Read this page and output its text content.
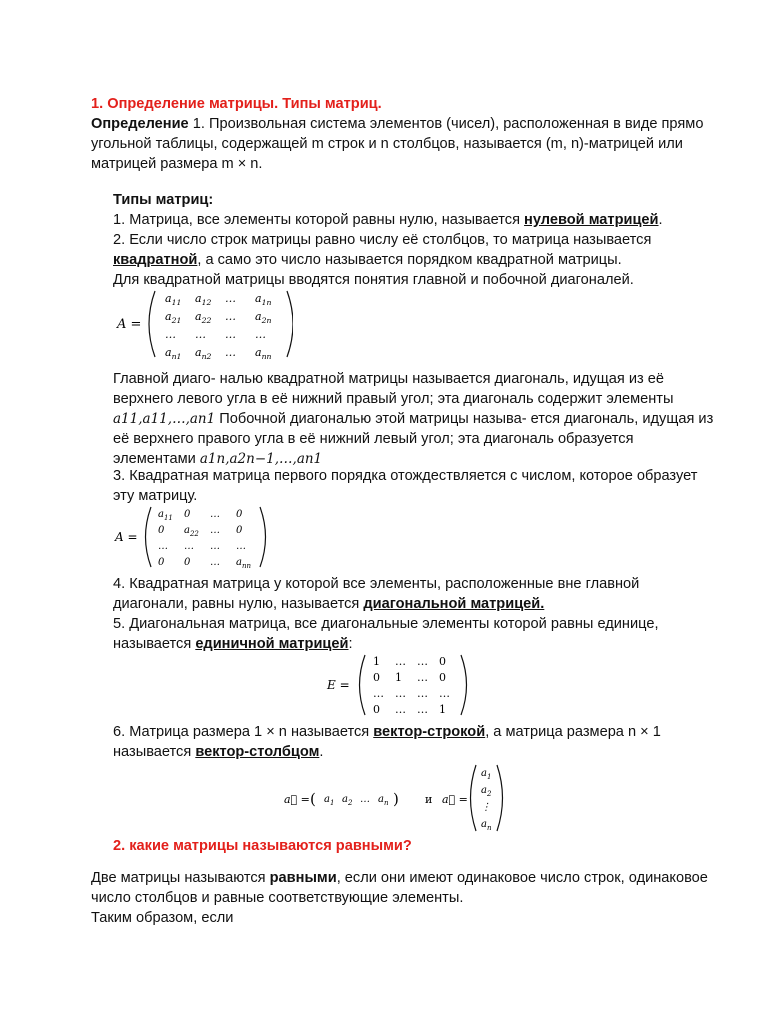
1. Определение матрицы. Типы матриц.
Определение 1. Произвольная система элементов (чисел), расположенная в виде прямо
угольной таблицы, содержащей m строк и n столбцов, называется (m, n)-матрицей или
матрицей размера m × n.
Типы матриц:
1. Матрица, все элементы которой равны нулю, называется нулевой матрицей.
2. Если число строк матрицы равно числу её столбцов, то матрица называется
квадратной, а само это число называется порядком квадратной матрицы.
Для квадратной матрицы вводятся понятия главной и побочной диагоналей.
A =
$a_{11}$ $a_{12}$ … $a_{1n}$
$a_{21}$ $a_{22}$ … $a_{2n}$
… … … …
$a_{n1}$ $a_{n2}$ … $a_{nn}$
Главной диаго- налью квадратной матрицы называется диагональ, идущая из её
верхнего левого угла в её нижний правый угол; эта диагональ содержит элементы
a11,a11,…,an1 Побочной диагональю этой матрицы называ- ется диагональ, идущая из
её верхнего правого угла в её нижний левый угол; эта диагональ образуется
элементами a1n,a2n−1,…,an1
3. Квадратная матрица первого порядка отождествляется с числом, которое образует
эту матрицу.
A =
$a_{11}$ 0 … 0
0 $a_{22}$ … 0
… … … …
0 0 … $a_{nn}$
4. Квадратная матрица у которой все элементы, расположенные вне главной
диагонали, равны нулю, называется диагональной матрицей.
5. Диагональная матрица, все диагональные элементы которой равны единице,
называется единичной матрицей:
E =
1 … … 0
0 1 … 0
… … … …
0 … … 1
6. Матрица размера 1 × n называется вектор-строкой, а матрица размера n × 1
называется вектор-столбцом.
a⃗ = ( $a_1$ $a_2$ … $a_n$ ) и a⃗ =
$a_1$
$a_2$
⋮
$a_n$
2. какие матрицы называются равными?
Две матрицы называются равными, если они имеют одинаковое число строк, одинаковое
число столбцов и равные соответствующие элементы.
Таким образом, если
